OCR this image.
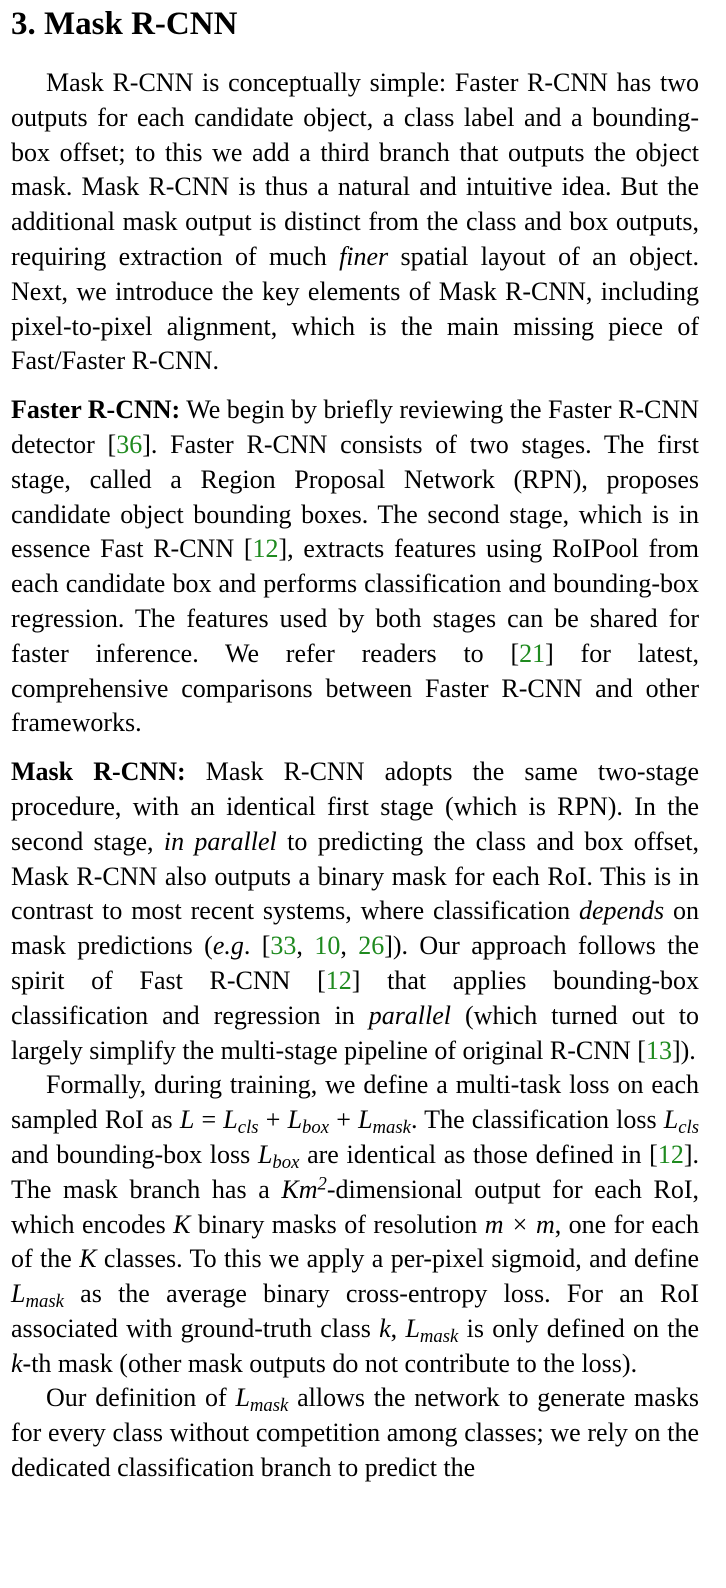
3. Mask R-CNN

Mask R-CNN is conceptually simple: Faster R-CNN has two outputs for each candidate object, a class label and a bounding-box offset; to this we add a third branch that outputs the object mask. Mask R-CNN is thus a natural and intuitive idea. But the additional mask output is distinct from the class and box outputs, requiring extraction of much finer spatial layout of an object. Next, we introduce the key elements of Mask R-CNN, including pixel-to-pixel alignment, which is the main missing piece of Fast/Faster R-CNN.

Faster R-CNN: We begin by briefly reviewing the Faster R-CNN detector [36]. Faster R-CNN consists of two stages. The first stage, called a Region Proposal Network (RPN), proposes candidate object bounding boxes. The second stage, which is in essence Fast R-CNN [12], extracts features using RoIPool from each candidate box and performs classification and bounding-box regression. The features used by both stages can be shared for faster inference. We refer readers to [21] for latest, comprehensive comparisons between Faster R-CNN and other frameworks.

Mask R-CNN: Mask R-CNN adopts the same two-stage procedure, with an identical first stage (which is RPN). In the second stage, in parallel to predicting the class and box offset, Mask R-CNN also outputs a binary mask for each RoI. This is in contrast to most recent systems, where classification depends on mask predictions (e.g. [33, 10, 26]). Our approach follows the spirit of Fast R-CNN [12] that applies bounding-box classification and regression in parallel (which turned out to largely simplify the multi-stage pipeline of original R-CNN [13]).

Formally, during training, we define a multi-task loss on each sampled RoI as $L = L_{cls} + L_{box} + L_{mask}$. The classification loss $L_{cls}$ and bounding-box loss $L_{box}$ are identical as those defined in [12]. The mask branch has a Km$^2$-dimensional output for each RoI, which encodes K binary masks of resolution m × m, one for each of the K classes. To this we apply a per-pixel sigmoid, and define $L_{mask}$ as the average binary cross-entropy loss. For an RoI associated with ground-truth class k, $L_{mask}$ is only defined on the k-th mask (other mask outputs do not contribute to the loss).

Our definition of $L_{mask}$ allows the network to generate masks for every class without competition among classes; we rely on the dedicated classification branch to predict the
